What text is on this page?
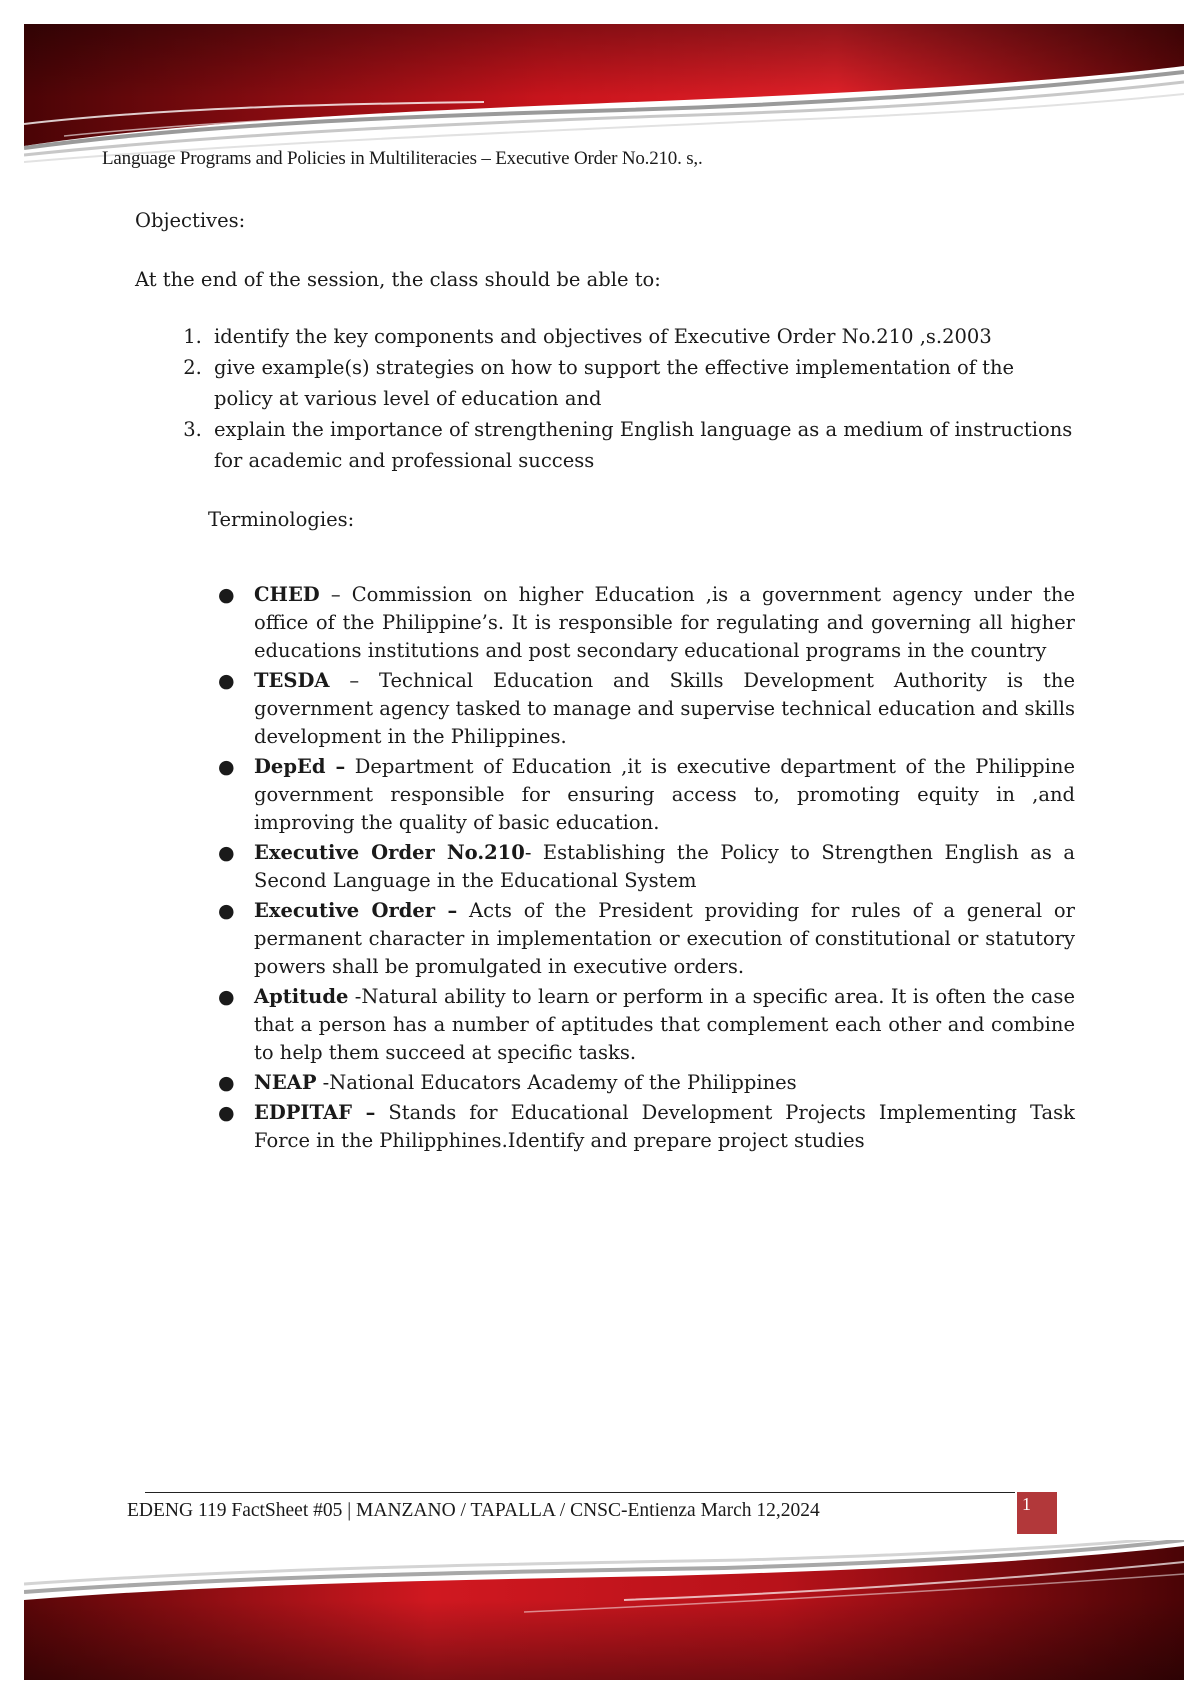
Language Programs and Policies in Multiliteracies – Executive Order No.210. s,.

Objectives:

At the end of the session, the class should be able to:

1. identify the key components and objectives of Executive Order No.210 ,s.2003
2. give example(s) strategies on how to support the effective implementation of the policy at various level of education and
3. explain the importance of strengthening English language as a medium of instructions for academic and professional success

Terminologies:

● CHED – Commission on higher Education ,is a government agency under the office of the Philippine’s. It is responsible for regulating and governing all higher educations institutions and post secondary educational programs in the country
● TESDA – Technical Education and Skills Development Authority is the government agency tasked to manage and supervise technical education and skills development in the Philippines.
● DepEd – Department of Education ,it is executive department of the Philippine government responsible for ensuring access to, promoting equity in ,and improving the quality of basic education.
● Executive Order No.210- Establishing the Policy to Strengthen English as a Second Language in the Educational System
● Executive Order – Acts of the President providing for rules of a general or permanent character in implementation or execution of constitutional or statutory powers shall be promulgated in executive orders.
● Aptitude -Natural ability to learn or perform in a specific area. It is often the case that a person has a number of aptitudes that complement each other and combine to help them succeed at specific tasks.
● NEAP -National Educators Academy of the Philippines
● EDPITAF – Stands for Educational Development Projects Implementing Task Force in the Philipphines.Identify and prepare project studies
EDENG 119 FactSheet #05 | MANZANO / TAPALLA / CNSC-Entienza March 12,2024	1
